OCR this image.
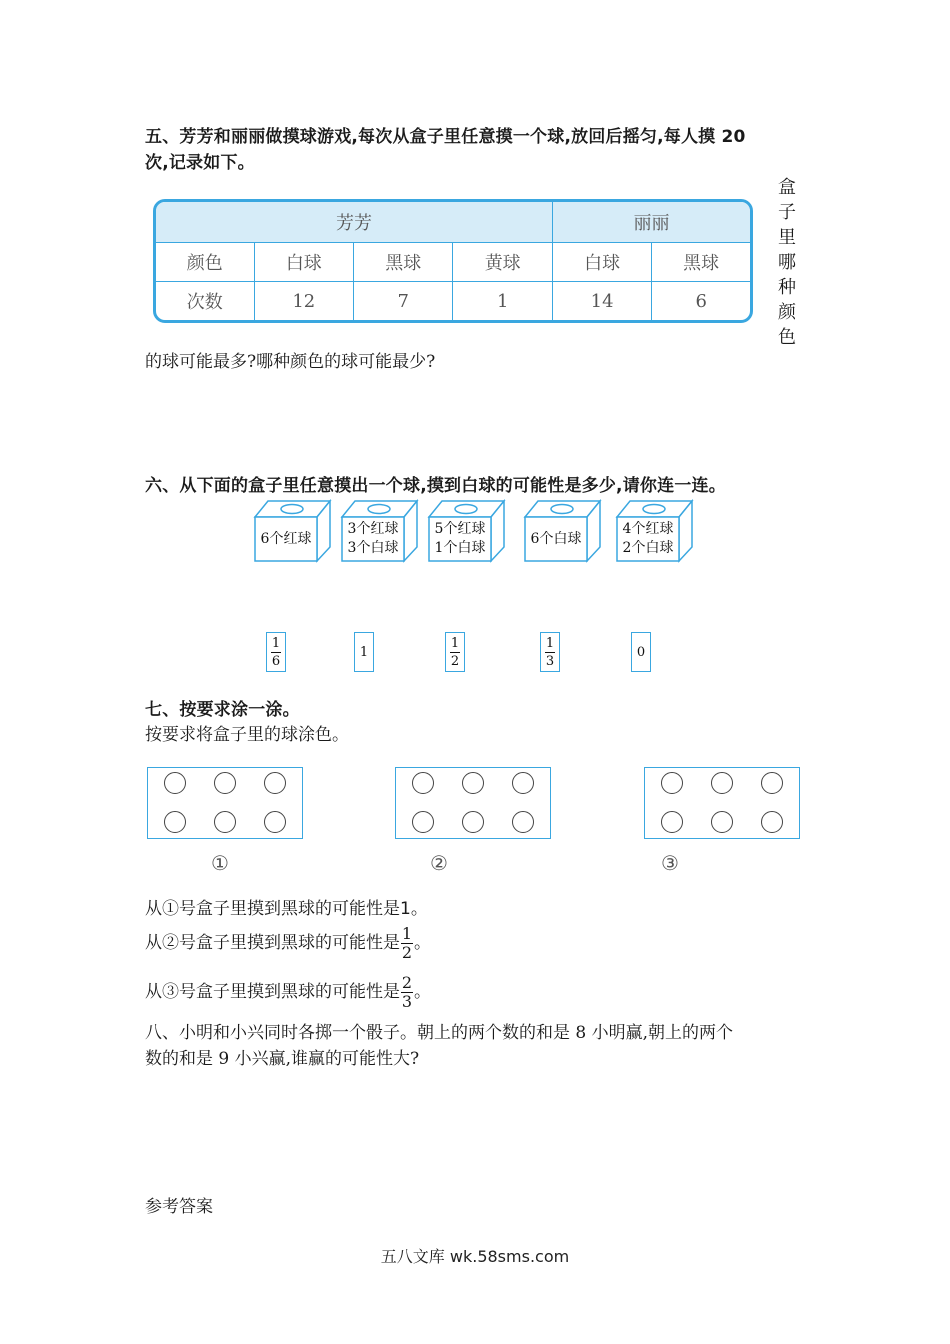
五、芳芳和丽丽做摸球游戏,每次从盒子里任意摸一个球,放回后摇匀,每人摸 20
次,记录如下。
芳芳				丽丽	
颜色	白球	黑球	黄球	白球	黑球
次数	12	7	1	14	6
盒
子
里
哪
种
颜
色
的球可能最多?哪种颜色的球可能最少?
六、从下面的盒子里任意摸出一个球,摸到白球的可能性是多少,请你连一连。
6个红球
3个红球
3个白球
5个红球
1个白球
6个白球
4个红球
2个白球
1
6
1
1
2
1
3
0
七、按要求涂一涂。
按要求将盒子里的球涂色。
①	②	③
从①号盒子里摸到黑球的可能性是1。
从②号盒子里摸到黑球的可能性是 $\frac{1}{2}$ 。
从③号盒子里摸到黑球的可能性是 $\frac{2}{3}$ 。
八、小明和小兴同时各掷一个骰子。朝上的两个数的和是 8 小明赢,朝上的两个
数的和是 9 小兴赢,谁赢的可能性大?
参考答案
五八文库 wk.58sms.com
